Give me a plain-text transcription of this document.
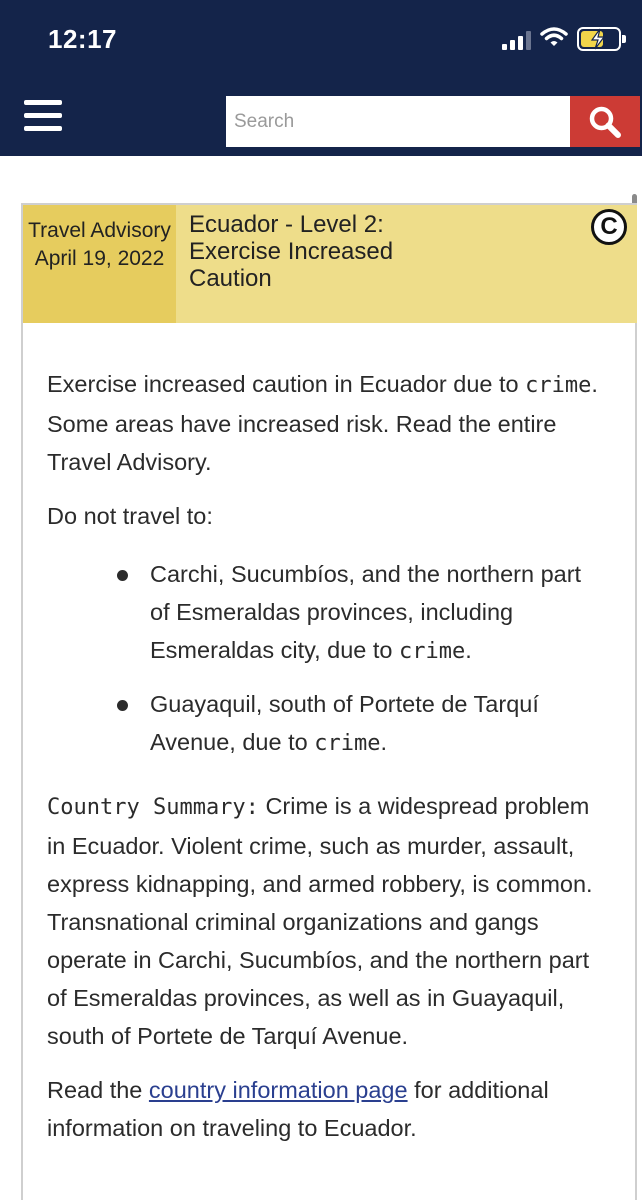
12:17
Search
Travel Advisory
April 19, 2022
Ecuador - Level 2:
Exercise Increased
Caution
C

Exercise increased caution in Ecuador due to crime. Some areas have increased risk. Read the entire Travel Advisory.

Do not travel to:

Carchi, Sucumbíos, and the northern part of Esmeraldas provinces, including Esmeraldas city, due to crime.
Guayaquil, south of Portete de Tarquí Avenue, due to crime.

Country Summary: Crime is a widespread problem in Ecuador. Violent crime, such as murder, assault, express kidnapping, and armed robbery, is common. Transnational criminal organizations and gangs operate in Carchi, Sucumbíos, and the northern part of Esmeraldas provinces, as well as in Guayaquil, south of Portete de Tarquí Avenue.

Read the country information page for additional information on traveling to Ecuador.
